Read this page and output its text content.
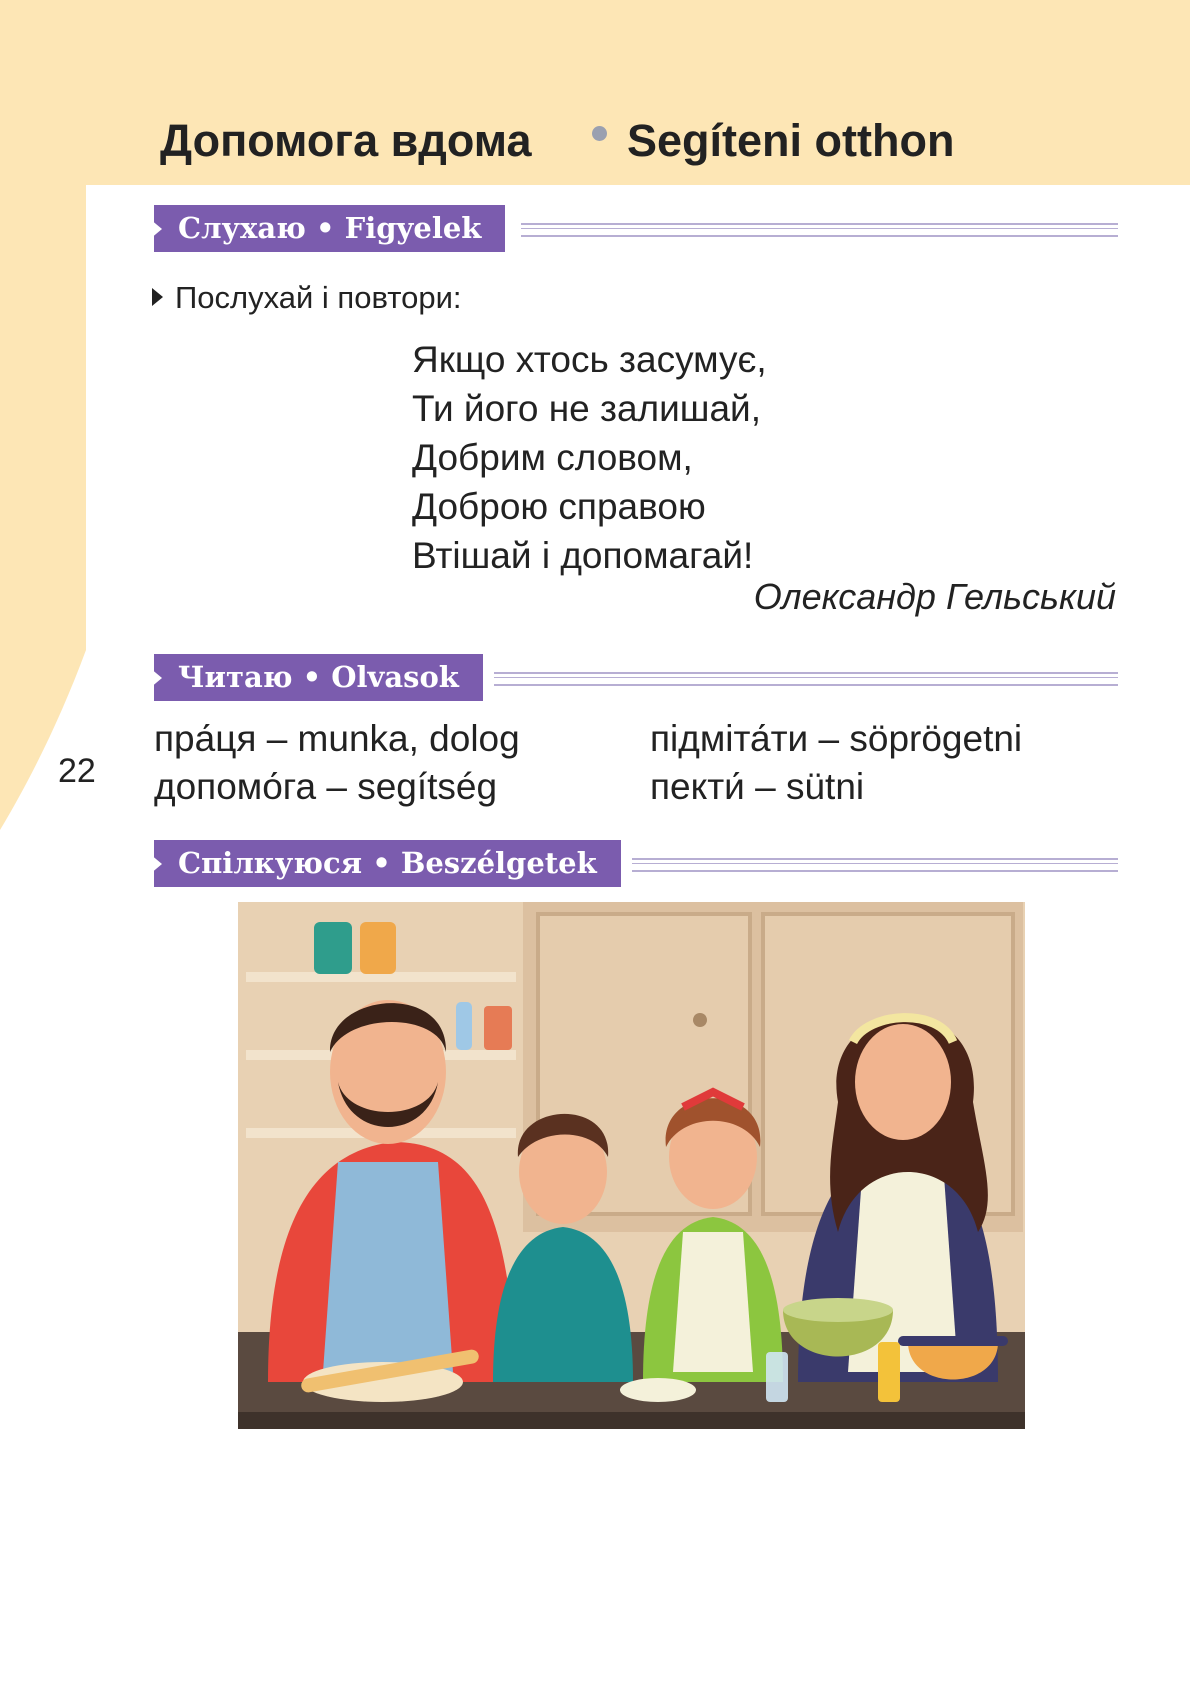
22
Допомога вдома Segíteni otthon
Слухаю • Figyelek
Послухай і повтори:
Якщо хтось засумує,
Ти його не залишай,
Добрим словом,
Доброю справою
Втішай і допомагай!
Олександр Гельський
Читаю • Olvasok
пра́ця – munka, dolog
допомо́га – segítség
підміта́ти – söprögetni
пекти́ – sütni
Спілкуюся • Beszélgetek
